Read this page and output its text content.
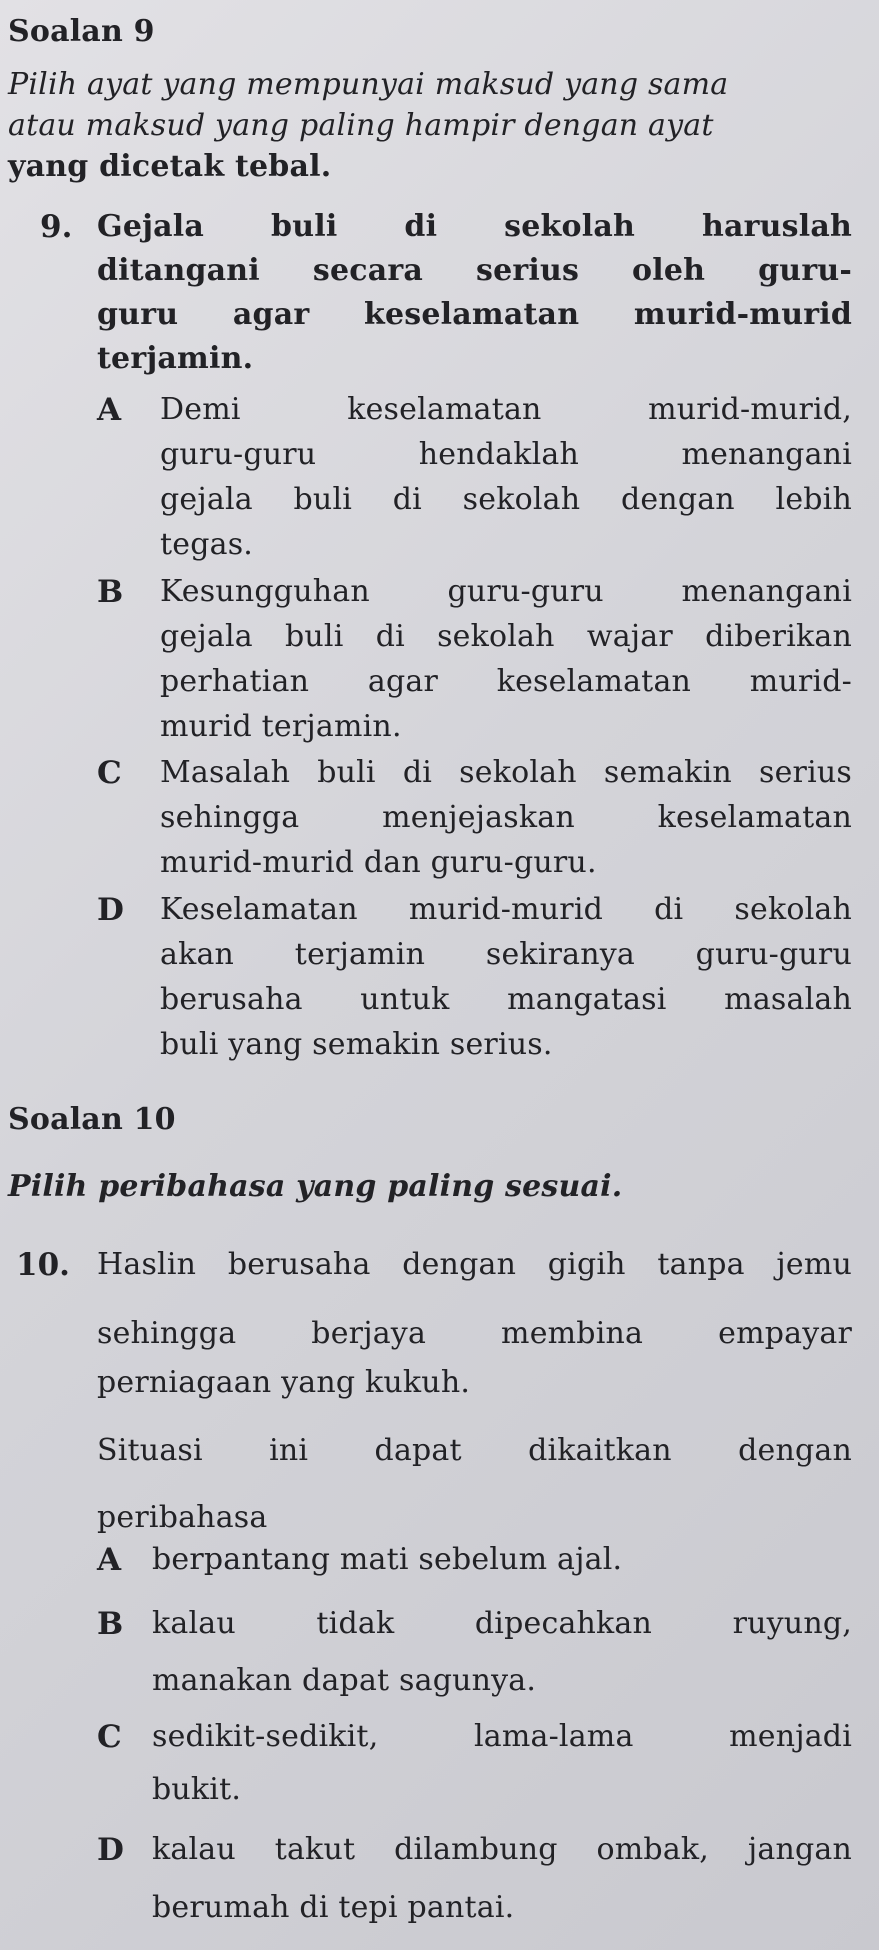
Soalan 9
Pilih ayat yang mempunyai maksud yang sama
atau maksud yang paling hampir dengan ayat
yang dicetak tebal.
9. Gejala buli di sekolah haruslah
ditangani secara serius oleh guru-
guru agar keselamatan murid-murid
terjamin.
A Demi keselamatan murid-murid,
guru-guru hendaklah menangani
gejala buli di sekolah dengan lebih
tegas.
B Kesungguhan guru-guru menangani
gejala buli di sekolah wajar diberikan
perhatian agar keselamatan murid-
murid terjamin.
C Masalah buli di sekolah semakin serius
sehingga menjejaskan keselamatan
murid-murid dan guru-guru.
D Keselamatan murid-murid di sekolah
akan terjamin sekiranya guru-guru
berusaha untuk mangatasi masalah
buli yang semakin serius.
Soalan 10
Pilih peribahasa yang paling sesuai.
10. Haslin berusaha dengan gigih tanpa jemu
sehingga berjaya membina empayar
perniagaan yang kukuh.
Situasi ini dapat dikaitkan dengan
peribahasa
A berpantang mati sebelum ajal.
B kalau tidak dipecahkan ruyung,
manakan dapat sagunya.
C sedikit-sedikit, lama-lama menjadi
bukit.
D kalau takut dilambung ombak, jangan
berumah di tepi pantai.
